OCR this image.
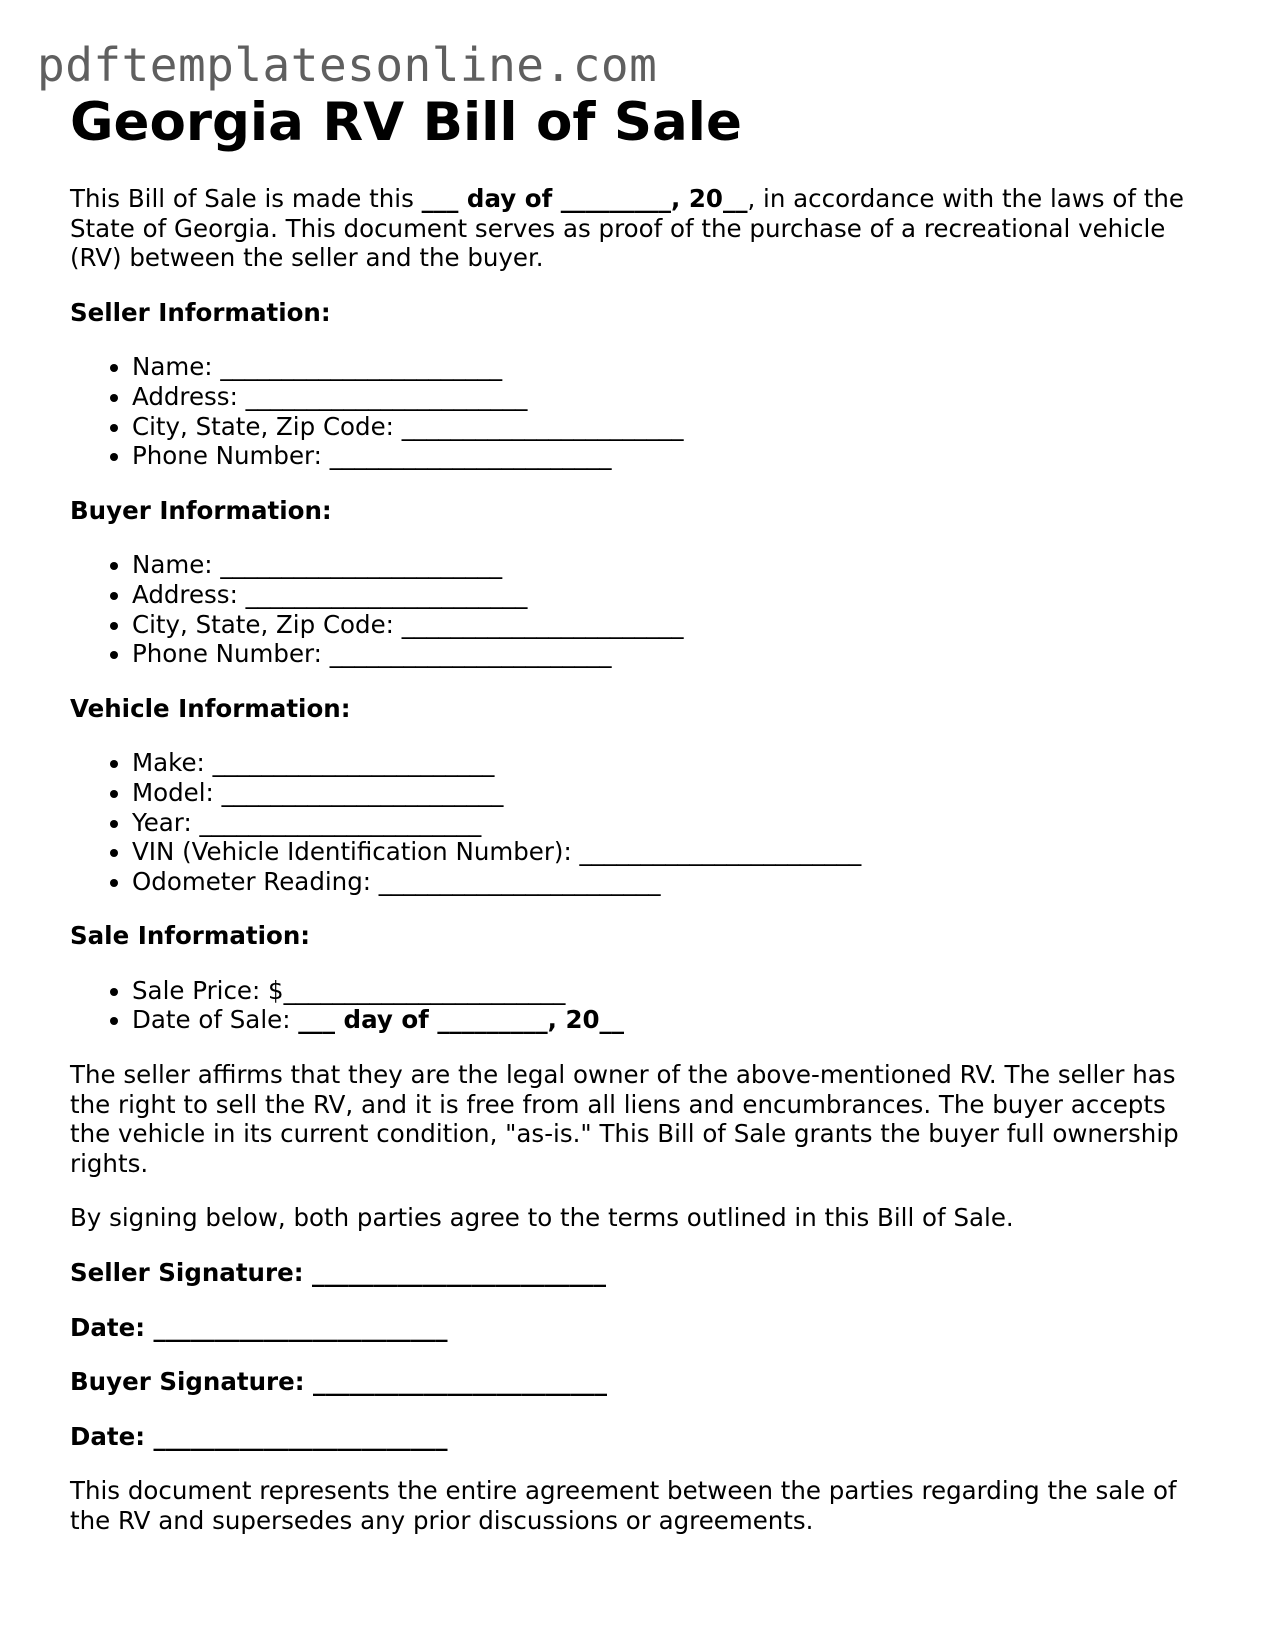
pdftemplatesonline.com
Georgia RV Bill of Sale

This Bill of Sale is made this ___ day of _________, 20__, in accordance with the laws of the State of Georgia. This document serves as proof of the purchase of a recreational vehicle (RV) between the seller and the buyer.

Seller Information:
• Name: _______________________
• Address: _______________________
• City, State, Zip Code: _______________________
• Phone Number: _______________________
Buyer Information:
• Name: _______________________
• Address: _______________________
• City, State, Zip Code: _______________________
• Phone Number: _______________________
Vehicle Information:
• Make: _______________________
• Model: _______________________
• Year: _______________________
• VIN (Vehicle Identification Number): _______________________
• Odometer Reading: _______________________
Sale Information:
• Sale Price: $_______________________
• Date of Sale: ___ day of _________, 20__

The seller affirms that they are the legal owner of the above-mentioned RV. The seller has the right to sell the RV, and it is free from all liens and encumbrances. The buyer accepts the vehicle in its current condition, "as-is." This Bill of Sale grants the buyer full ownership rights.

By signing below, both parties agree to the terms outlined in this Bill of Sale.

Seller Signature: ________________________
Date: ________________________
Buyer Signature: ________________________
Date: ________________________

This document represents the entire agreement between the parties regarding the sale of the RV and supersedes any prior discussions or agreements.
